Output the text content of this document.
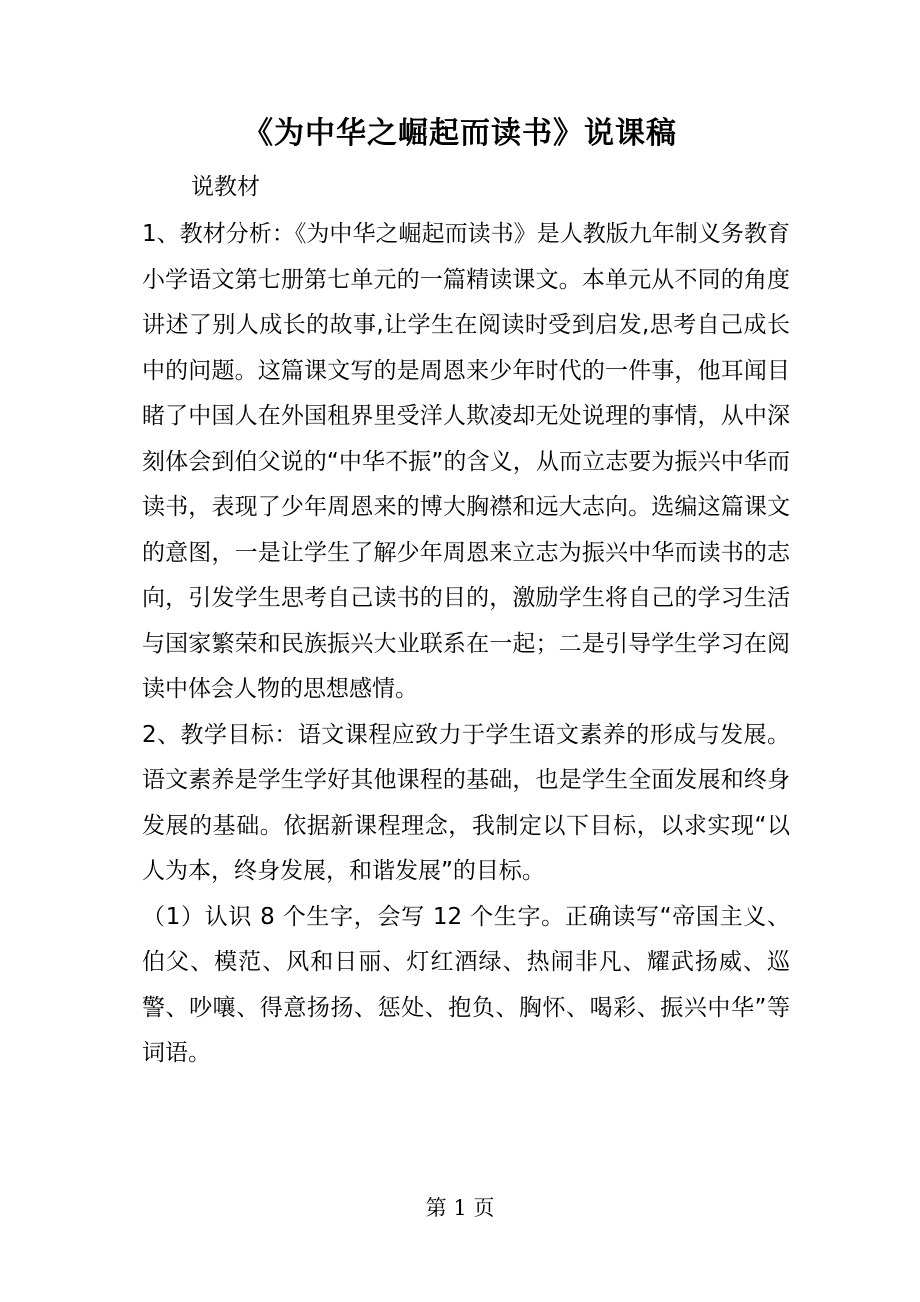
《为中华之崛起而读书》说课稿
说教材

1、教材分析：《为中华之崛起而读书》是人教版九年制义务教育小学语文第七册第七单元的一篇精读课文。本单元从不同的角度讲述了别人成长的故事,让学生在阅读时受到启发,思考自己成长中的问题。这篇课文写的是周恩来少年时代的一件事，他耳闻目睹了中国人在外国租界里受洋人欺凌却无处说理的事情，从中深刻体会到伯父说的“中华不振”的含义，从而立志要为振兴中华而读书，表现了少年周恩来的博大胸襟和远大志向。选编这篇课文的意图，一是让学生了解少年周恩来立志为振兴中华而读书的志向，引发学生思考自己读书的目的，激励学生将自己的学习生活与国家繁荣和民族振兴大业联系在一起；二是引导学生学习在阅读中体会人物的思想感情。

2、教学目标：语文课程应致力于学生语文素养的形成与发展。语文素养是学生学好其他课程的基础，也是学生全面发展和终身发展的基础。依据新课程理念，我制定以下目标，以求实现“以人为本，终身发展，和谐发展”的目标。

（1）认识 8 个生字，会写 12 个生字。正确读写“帝国主义、伯父、模范、风和日丽、灯红酒绿、热闹非凡、耀武扬威、巡警、吵嚷、得意扬扬、惩处、抱负、胸怀、喝彩、振兴中华”等词语。

第 1 页
